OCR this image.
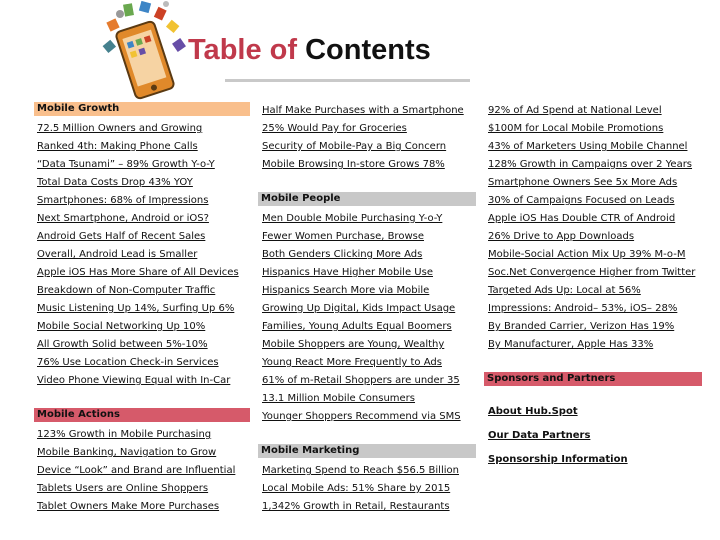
Table of Contents
Mobile Growth
72.5 Million Owners and Growing
Ranked 4th: Making Phone Calls
“Data Tsunami” – 89% Growth Y-o-Y
Total Data Costs Drop 43% YOY
Smartphones: 68% of Impressions
Next Smartphone, Android or iOS?
Android Gets Half of Recent Sales
Overall, Android Lead is Smaller
Apple iOS Has More Share of All Devices
Breakdown of Non-Computer Traffic
Music Listening Up 14%, Surfing Up 6%
Mobile Social Networking Up 10%
All Growth Solid between 5%-10%
76% Use Location Check-in Services
Video Phone Viewing Equal with In-Car
Mobile Actions
123% Growth in Mobile Purchasing
Mobile Banking, Navigation to Grow
Device “Look” and Brand are Influential
Tablets Users are Online Shoppers
Tablet Owners Make More Purchases
Half Make Purchases with a Smartphone
25% Would Pay for Groceries
Security of Mobile-Pay a Big Concern
Mobile Browsing In-store Grows 78%
Mobile People
Men Double Mobile Purchasing Y-o-Y
Fewer Women Purchase, Browse
Both Genders Clicking More Ads
Hispanics Have Higher Mobile Use
Hispanics Search More via Mobile
Growing Up Digital, Kids Impact Usage
Families, Young Adults Equal Boomers
Mobile Shoppers are Young, Wealthy
Young React More Frequently to Ads
61% of m-Retail Shoppers are under 35
13.1 Million Mobile Consumers
Younger Shoppers Recommend via SMS
Mobile Marketing
Marketing Spend to Reach $56.5 Billion
Local Mobile Ads: 51% Share by 2015
1,342% Growth in Retail, Restaurants
92% of Ad Spend at National Level
$100M for Local Mobile Promotions
43% of Marketers Using Mobile Channel
128% Growth in Campaigns over 2 Years
Smartphone Owners See 5x More Ads
30% of Campaigns Focused on Leads
Apple iOS Has Double CTR of Android
26% Drive to App Downloads
Mobile-Social Action Mix Up 39% M-o-M
Soc.Net Convergence Higher from Twitter
Targeted Ads Up: Local at 56%
Impressions: Android– 53%, iOS– 28%
By Branded Carrier, Verizon Has 19%
By Manufacturer, Apple Has 33%
Sponsors and Partners
About Hub.Spot
Our Data Partners
Sponsorship Information
